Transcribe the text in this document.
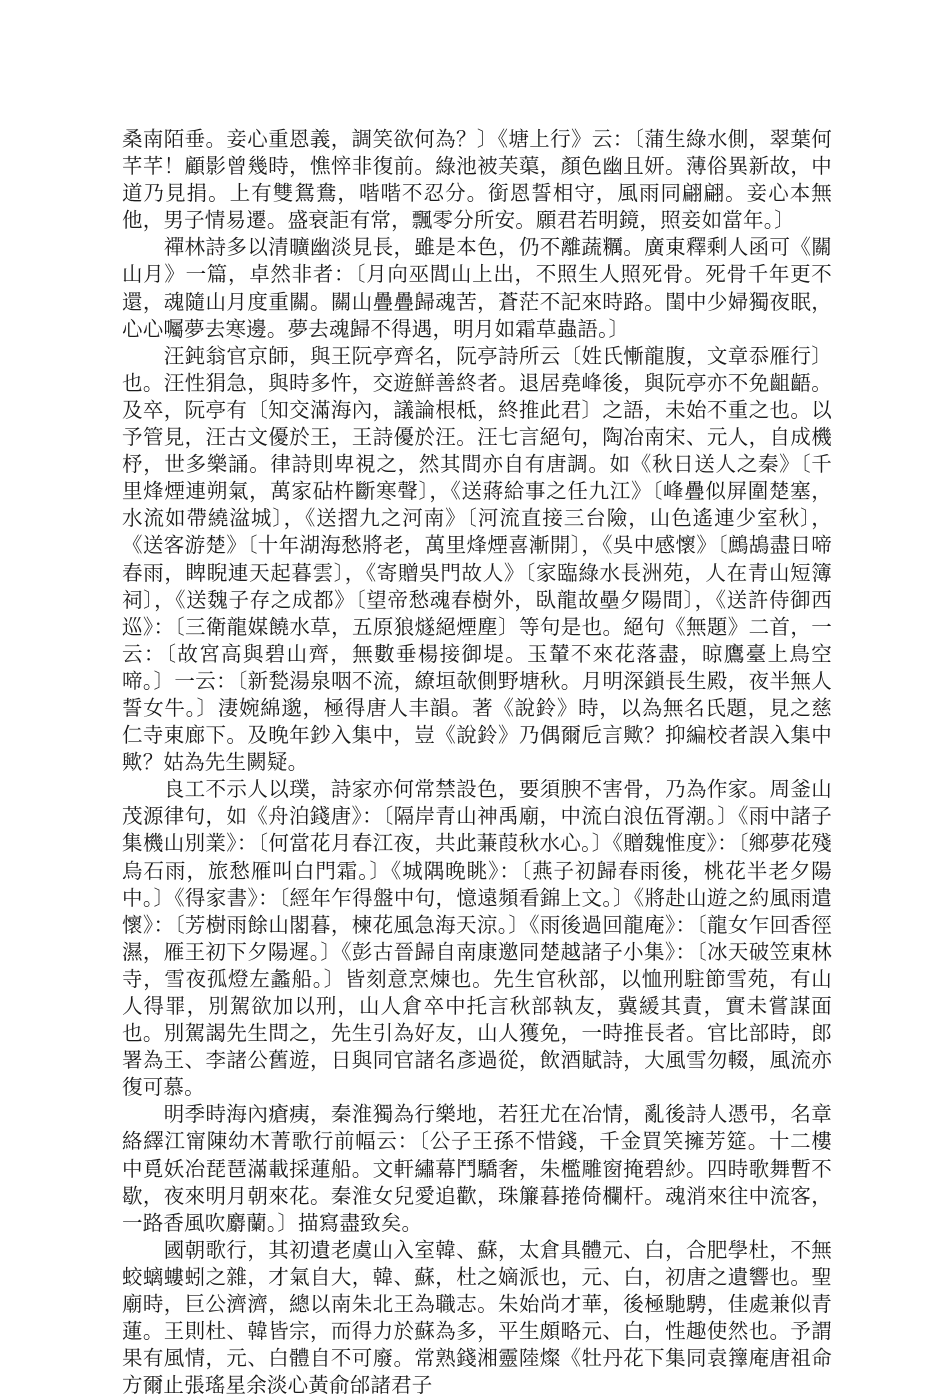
桑南陌垂。妾心重恩義，調笑欲何為？〕《塘上行》云：〔蒲生綠水側，翠葉何芊芊！顧影曾幾時，憔悴非復前。綠池被芙蕖，顏色幽且妍。薄俗異新故，中道乃見捐。上有雙鴛鴦，喈喈不忍分。銜恩誓相守，風雨同翩翩。妾心本無他，男子情易遷。盛衰詎有常，飄零分所安。願君若明鏡，照妾如當年。〕

　　禪林詩多以清曠幽淡見長，雖是本色，仍不離蔬糲。廣東釋剩人函可《關山月》一篇，卓然非者：〔月向巫閭山上出，不照生人照死骨。死骨千年更不還，魂隨山月度重關。關山疊疊歸魂苦，蒼茫不記來時路。閨中少婦獨夜眠，心心囑夢去寒邊。夢去魂歸不得遇，明月如霜草蟲語。〕

　　汪鈍翁官京師，與王阮亭齊名，阮亭詩所云〔姓氏慚龍腹，文章忝雁行〕也。汪性狷急，與時多忤，交遊鮮善終者。退居堯峰後，與阮亭亦不免齟齬。及卒，阮亭有〔知交滿海內，議論根柢，終推此君〕之語，未始不重之也。以予管見，汪古文優於王，王詩優於汪。汪七言絕句，陶冶南宋、元人，自成機杼，世多樂誦。律詩則卑視之，然其間亦自有唐調。如《秋日送人之秦》〔千里烽煙連朔氣，萬家砧杵斷寒聲〕，《送蔣給事之任九江》〔峰疊似屏圍楚塞，水流如帶繞湓城〕，《送摺九之河南》〔河流直接三台險，山色遙連少室秋〕，《送客游楚》〔十年湖海愁將老，萬里烽煙喜漸開〕，《吳中感懷》〔鷓鴣盡日啼春雨，睥睨連天起暮雲〕，《寄贈吳門故人》〔家臨綠水長洲苑，人在青山短簿祠〕，《送魏子存之成都》〔望帝愁魂春樹外，臥龍故壘夕陽間〕，《送許侍御西巡》：〔三衛龍媒饒水草，五原狼燧絕煙塵〕等句是也。絕句《無題》二首，一云：〔故宮高與碧山齊，無數垂楊接御堤。玉輦不來花落盡，晾鷹臺上鳥空啼。〕一云：〔新甃湯泉咽不流，繚垣欹側野塘秋。月明深鎖長生殿，夜半無人誓女牛。〕淒婉綿邈，極得唐人丰韻。著《說鈴》時，以為無名氏題，見之慈仁寺東廊下。及晚年鈔入集中，豈《說鈴》乃偶爾卮言歟？抑編校者誤入集中歟？姑為先生闕疑。

　　良工不示人以璞，詩家亦何常禁設色，要須腴不害骨，乃為作家。周釜山茂源律句，如《舟泊錢唐》：〔隔岸青山神禹廟，中流白浪伍胥潮。〕《雨中諸子集機山別業》：〔何當花月春江夜，共此蒹葭秋水心。〕《贈魏惟度》：〔鄉夢花殘烏石雨，旅愁雁叫白門霜。〕《城隅晚眺》：〔燕子初歸春雨後，桃花半老夕陽中。〕《得家書》：〔經年乍得盤中句，憶遠頻看錦上文。〕《將赴山遊之約風雨遣懷》：〔芳樹雨餘山閣暮，楝花風急海天涼。〕《雨後過回龍庵》：〔龍女乍回香徑濕，雁王初下夕陽遲。〕《彭古晉歸自南康邀同楚越諸子小集》：〔冰天破笠東林寺，雪夜孤燈左蠡船。〕皆刻意烹煉也。先生官秋部，以恤刑駐節雪苑，有山人得罪，別駕欲加以刑，山人倉卒中托言秋部執友，冀緩其責，實未嘗謀面也。別駕謁先生問之，先生引為好友，山人獲免，一時推長者。官比部時，郎署為王、李諸公舊遊，日與同官諸名彥過從，飲酒賦詩，大風雪勿輟，風流亦復可慕。

　　明季時海內瘡痍，秦淮獨為行樂地，若狂尤在冶情，亂後詩人憑弔，名章絡繹江甯陳幼木菁歌行前幅云：〔公子王孫不惜錢，千金買笑擁芳筵。十二樓中覓妖冶琵琶滿載採蓮船。文軒繡幕鬥驕奢，朱檻雕窗掩碧紗。四時歌舞暫不歇，夜來明月朝來花。秦淮女兒愛追歡，珠簾暮捲倚欄杆。魂消來往中流客，一路香風吹麝蘭。〕描寫盡致矣。

　　國朝歌行，其初遺老虞山入室韓、蘇，太倉具體元、白，合肥學杜，不無蛟螭螻蚓之雜，才氣自大，韓、蘇，杜之嫡派也，元、白，初唐之遺響也。聖廟時，巨公濟濟，總以南朱北王為職志。朱始尚才華，後極馳騁，佳處兼似青蓮。王則杜、韓皆宗，而得力於蘇為多，平生頗略元、白，性趣使然也。予謂果有風情，元、白體自不可廢。常熟錢湘靈陸燦《牡丹花下集同袁籜庵唐祖命方爾止張瑤星余淡心黃俞邰諸君子
